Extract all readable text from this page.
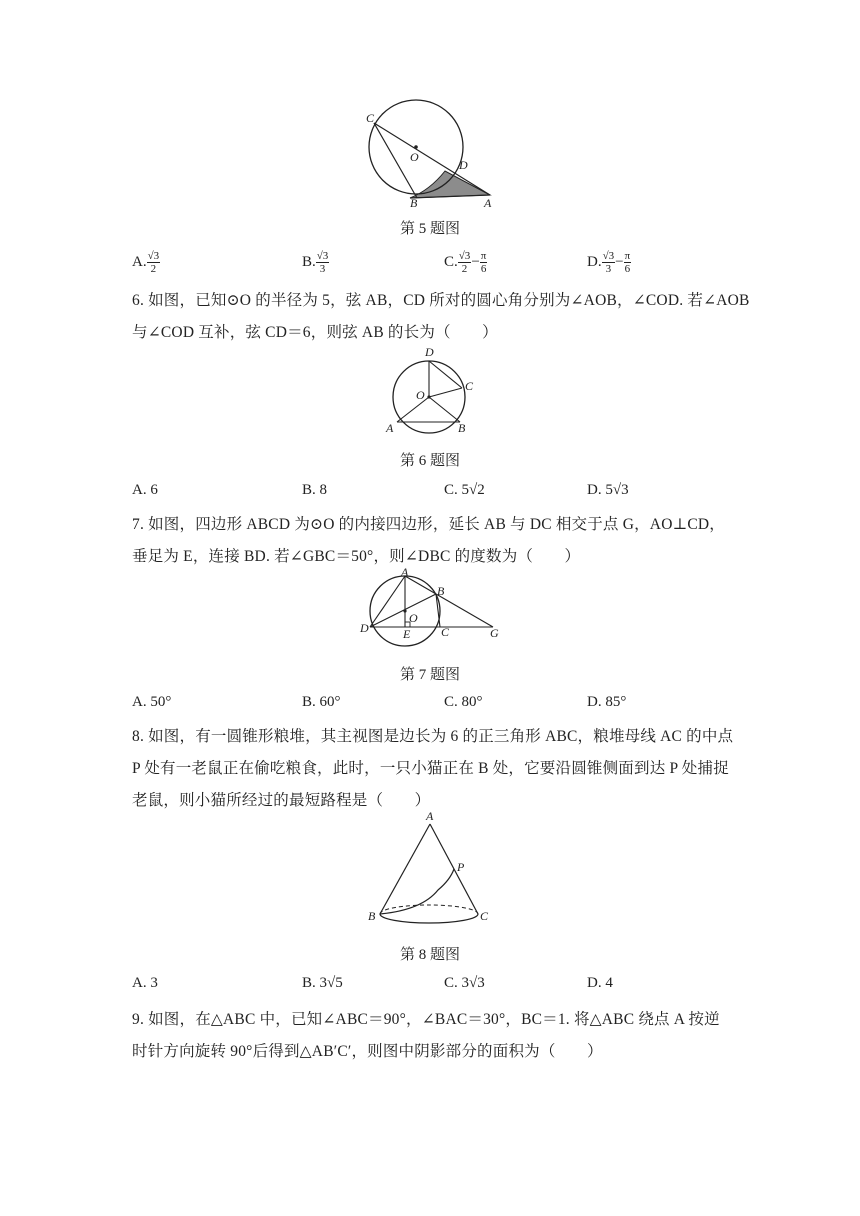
C
O
D
B	A
第 5 题图
A. $\frac{√3}{2}$	B. $\frac{√3}{3}$	C. $\frac{√3}{2} - \frac{\pi}{6}$	D. $\frac{√3}{3} - \frac{\pi}{6}$
6. 如图，已知⊙O 的半径为 5，弦 AB，CD 所对的圆心角分别为∠AOB，∠COD. 若∠AOB
与∠COD 互补，弦 CD＝6，则弦 AB 的长为（　　）
D
O
C
A	B
第 6 题图
A. 6	B. 8	C. 5√2	D. 5√3
7. 如图，四边形 ABCD 为⊙O 的内接四边形，延长 AB 与 DC 相交于点 G，AO⊥CD，
垂足为 E，连接 BD. 若∠GBC＝50°，则∠DBC 的度数为（　　）
A
B
O
D	E	C	G
第 7 题图
A. 50°	B. 60°	C. 80°	D. 85°
8. 如图，有一圆锥形粮堆，其主视图是边长为 6 的正三角形 ABC，粮堆母线 AC 的中点
P 处有一老鼠正在偷吃粮食，此时，一只小猫正在 B 处，它要沿圆锥侧面到达 P 处捕捉
老鼠，则小猫所经过的最短路程是（　　）
A
P
B	C
第 8 题图
A. 3	B. 3√5	C. 3√3	D. 4
9. 如图，在△ABC 中，已知∠ABC＝90°，∠BAC＝30°，BC＝1. 将△ABC 绕点 A 按逆
时针方向旋转 90°后得到△AB′C′，则图中阴影部分的面积为（　　）
